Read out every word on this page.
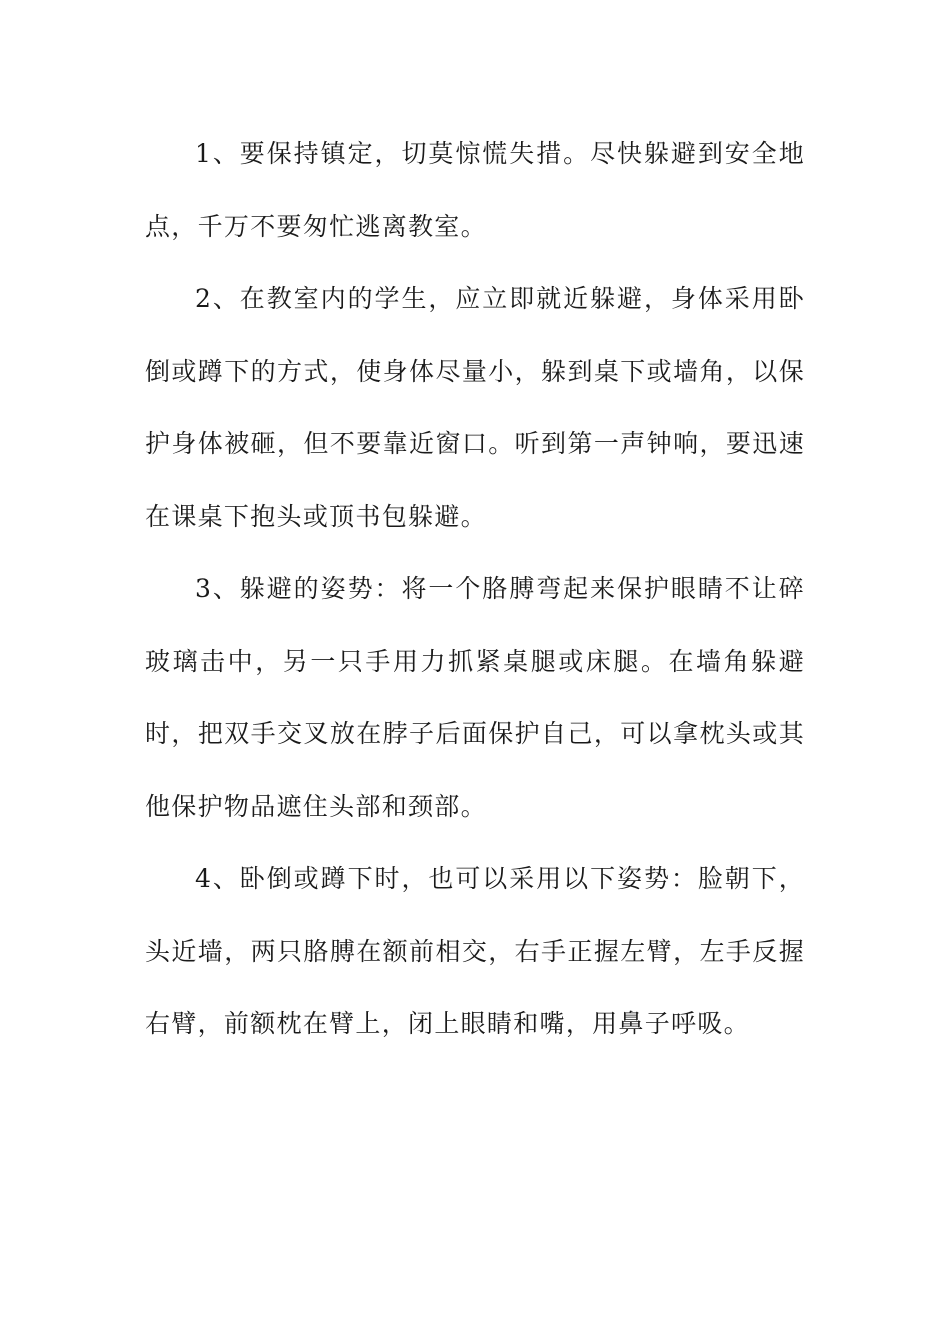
1、要保持镇定，切莫惊慌失措。尽快躲避到安全地点，千万不要匆忙逃离教室。

2、在教室内的学生，应立即就近躲避，身体采用卧倒或蹲下的方式，使身体尽量小，躲到桌下或墙角，以保护身体被砸，但不要靠近窗口。听到第一声钟响，要迅速在课桌下抱头或顶书包躲避。

3、躲避的姿势：将一个胳膊弯起来保护眼睛不让碎玻璃击中，另一只手用力抓紧桌腿或床腿。在墙角躲避时，把双手交叉放在脖子后面保护自己，可以拿枕头或其他保护物品遮住头部和颈部。

4、卧倒或蹲下时，也可以采用以下姿势：脸朝下，头近墙，两只胳膊在额前相交，右手正握左臂，左手反握右臂，前额枕在臂上，闭上眼睛和嘴，用鼻子呼吸。
